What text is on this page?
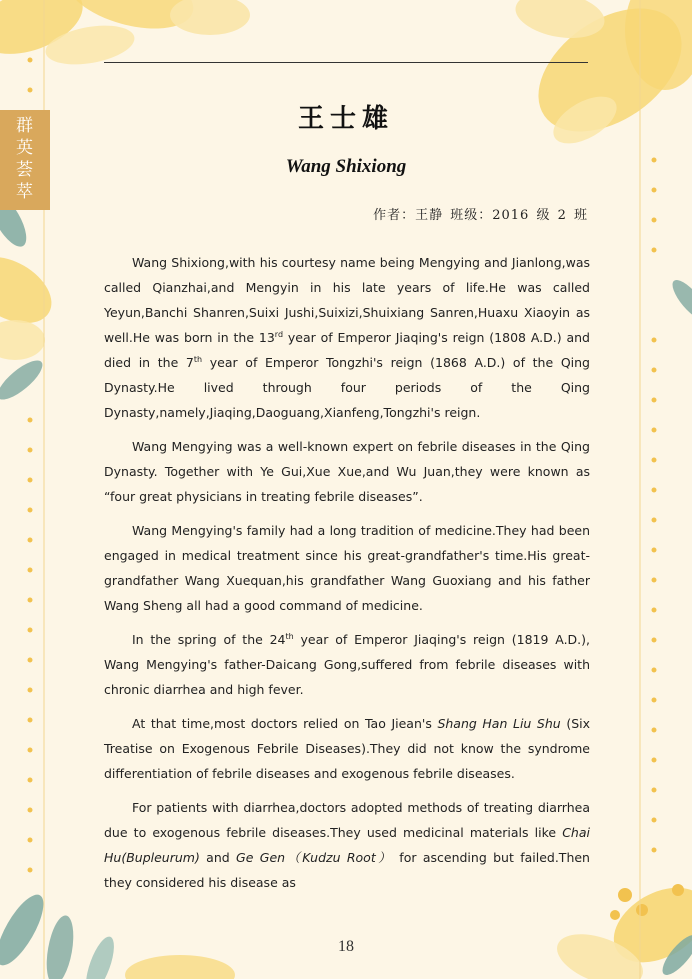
群
英
荟
萃
王士雄
Wang Shixiong
作者：王静 班级：2016 级 2 班

Wang Shixiong,with his courtesy name being Mengying and Jianlong,was called Qianzhai,and Mengyin in his late years of life.He was called Yeyun,Banchi Shanren,Suixi Jushi,Suixizi,Shuixiang Sanren,Huaxu Xiaoyin as well.He was born in the 13rd year of Emperor Jiaqing's reign (1808 A.D.) and died in the 7th year of Emperor Tongzhi's reign (1868 A.D.) of the Qing Dynasty.He lived through four periods of the Qing Dynasty,namely,Jiaqing,Daoguang,Xianfeng,Tongzhi's reign.

Wang Mengying was a well-known expert on febrile diseases in the Qing Dynasty. Together with Ye Gui,Xue Xue,and Wu Juan,they were known as “four great physicians in treating febrile diseases”.

Wang Mengying's family had a long tradition of medicine.They had been engaged in medical treatment since his great-grandfather's time.His great-grandfather Wang Xuequan,his grandfather Wang Guoxiang and his father Wang Sheng all had a good command of medicine.

In the spring of the 24th year of Emperor Jiaqing's reign (1819 A.D.), Wang Mengying's father-Daicang Gong,suffered from febrile diseases with chronic diarrhea and high fever.

At that time,most doctors relied on Tao Jiean's Shang Han Liu Shu (Six Treatise on Exogenous Febrile Diseases).They did not know the syndrome differentiation of febrile diseases and exogenous febrile diseases.

For patients with diarrhea,doctors adopted methods of treating diarrhea due to exogenous febrile diseases.They used medicinal materials like Chai Hu(Bupleurum) and Ge Gen（Kudzu Root） for ascending but failed.Then they considered his disease as

18
